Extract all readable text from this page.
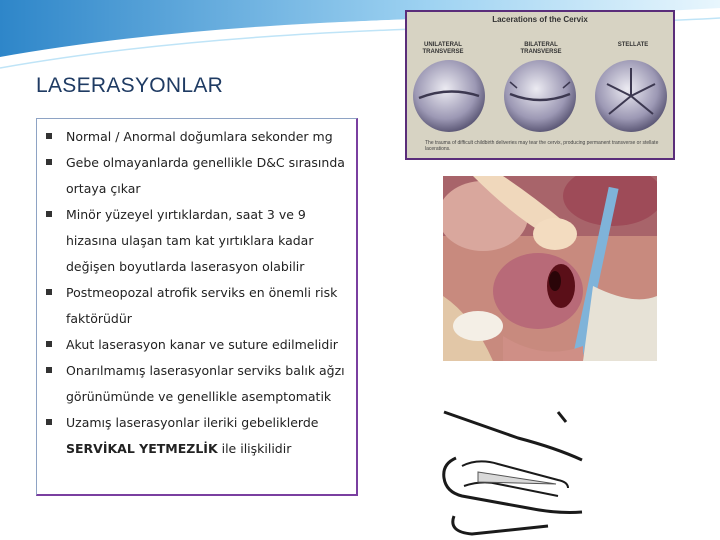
LASERASYONLAR
Normal / Anormal doğumlara sekonder mg
Gebe olmayanlarda genellikle D&C sırasında
ortaya çıkar
Minör yüzeyel yırtıklardan, saat 3 ve 9
hizasına ulaşan tam kat yırtıklara kadar
değişen boyutlarda laserasyon olabilir
Postmeopozal atrofik serviks en önemli risk
faktörüdür
Akut laserasyon kanar ve suture edilmelidir
Onarılmamış laserasyonlar serviks balık ağzı
görünümünde ve genellikle asemptomatik
Uzamış laserasyonlar ileriki gebeliklerde
SERVİKAL YETMEZLİK ile ilişkilidir
Lacerations of the Cervix
UNILATERAL TRANSVERSE
BILATERAL TRANSVERSE
STELLATE
The trauma of difficult childbirth deliveries may tear the cervix, producing permanent transverse or stellate lacerations.
